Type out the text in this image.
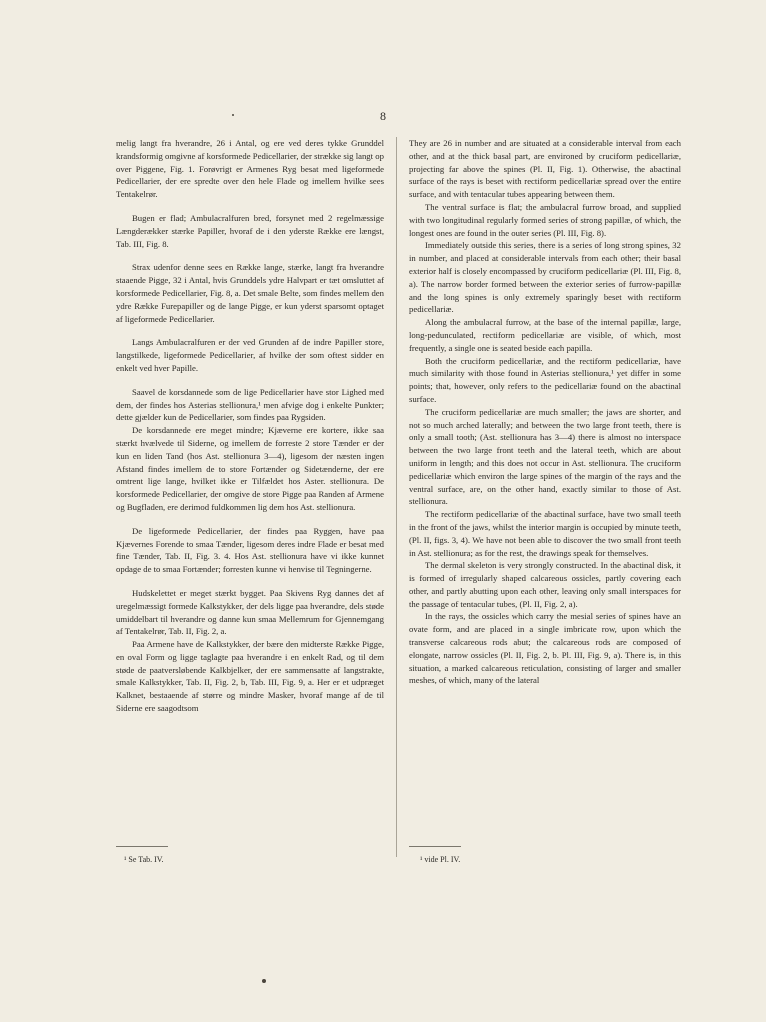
8

melig langt fra hverandre, 26 i Antal, og ere ved deres tykke Grunddel krandsformig omgivne af korsformede Pedicellarier, der strække sig langt op over Piggene, Fig. 1. Forøvrigt er Armenes Ryg besat med ligeformede Pedicellarier, der ere spredte over den hele Flade og imellem hvilke sees Tentakelrør.

Bugen er flad; Ambulacralfuren bred, forsynet med 2 regelmæssige Længderækker stærke Papiller, hvoraf de i den yderste Række ere længst, Tab. III, Fig. 8.

Strax udenfor denne sees en Række lange, stærke, langt fra hverandre staaende Pigge, 32 i Antal, hvis Grunddels ydre Halvpart er tæt omsluttet af korsformede Pedicellarier, Fig. 8, a. Det smale Belte, som findes mellem den ydre Række Furepapiller og de lange Pigge, er kun yderst sparsomt optaget af ligeformede Pedicellarier.

Langs Ambulacralfuren er der ved Grunden af de indre Papiller store, langstilkede, ligeformede Pedicellarier, af hvilke der som oftest sidder en enkelt ved hver Papille.

Saavel de korsdannede som de lige Pedicellarier have stor Lighed med dem, der findes hos Asterias stellionura,¹ men afvige dog i enkelte Punkter; dette gjælder kun de Pedicellarier, som findes paa Rygsiden.

De korsdannede ere meget mindre; Kjæverne ere kortere, ikke saa stærkt hvælvede til Siderne, og imellem de forreste 2 store Tænder er der kun en liden Tand (hos Ast. stellionura 3—4), ligesom der næsten ingen Afstand findes imellem de to store Fortænder og Sidetænderne, der ere omtrent lige lange, hvilket ikke er Tilfældet hos Aster. stellionura. De korsformede Pedicellarier, der omgive de store Pigge paa Randen af Armene og Bugfladen, ere derimod fuldkommen lig dem hos Ast. stellionura.

De ligeformede Pedicellarier, der findes paa Ryggen, have paa Kjævernes Forende to smaa Tænder, ligesom deres indre Flade er besat med fine Tænder, Tab. II, Fig. 3. 4. Hos Ast. stellionura have vi ikke kunnet opdage de to smaa Fortænder; forresten kunne vi henvise til Tegningerne.

Hudskelettet er meget stærkt bygget. Paa Skivens Ryg dannes det af uregelmæssigt formede Kalkstykker, der dels ligge paa hverandre, dels støde umiddelbart til hverandre og danne kun smaa Mellemrum for Gjennemgang af Tentakelrør, Tab. II, Fig. 2, a.

Paa Armene have de Kalkstykker, der bære den midterste Række Pigge, en oval Form og ligge taglagte paa hverandre i en enkelt Rad, og til dem støde de paatversløbende Kalkbjelker, der ere sammensatte af langstrakte, smale Kalkstykker, Tab. II, Fig. 2, b, Tab. III, Fig. 9, a. Her er et udpræget Kalknet, bestaaende af større og mindre Masker, hvoraf mange af de til Siderne ere saagodtsom

They are 26 in number and are situated at a considerable interval from each other, and at the thick basal part, are environed by cruciform pedicellariæ, projecting far above the spines (Pl. II, Fig. 1). Otherwise, the abactinal surface of the rays is beset with rectiform pedicellariæ spread over the entire surface, and with tentacular tubes appearing between them.

The ventral surface is flat; the ambulacral furrow broad, and supplied with two longitudinal regularly formed series of strong papillæ, of which, the longest ones are found in the outer series (Pl. III, Fig. 8).

Immediately outside this series, there is a series of long strong spines, 32 in number, and placed at considerable intervals from each other; their basal exterior half is closely encompassed by cruciform pedicellariæ (Pl. III, Fig. 8, a). The narrow border formed between the exterior series of furrow-papillæ and the long spines is only extremely sparingly beset with rectiform pedicellariæ.

Along the ambulacral furrow, at the base of the internal papillæ, large, long-pedunculated, rectiform pedicellariæ are visible, of which, most frequently, a single one is seated beside each papilla.

Both the cruciform pedicellariæ, and the rectiform pedicellariæ, have much similarity with those found in Asterias stellionura,¹ yet differ in some points; that, however, only refers to the pedicellariæ found on the abactinal surface.

The cruciform pedicellariæ are much smaller; the jaws are shorter, and not so much arched laterally; and between the two large front teeth, there is only a small tooth; (Ast. stellionura has 3—4) there is almost no interspace between the two large front teeth and the lateral teeth, which are about uniform in length; and this does not occur in Ast. stellionura. The cruciform pedicellariæ which environ the large spines of the margin of the rays and the ventral surface, are, on the other hand, exactly similar to those of Ast. stellionura.

The rectiform pedicellariæ of the abactinal surface, have two small teeth in the front of the jaws, whilst the interior margin is occupied by minute teeth, (Pl. II, figs. 3, 4). We have not been able to discover the two small front teeth in Ast. stellionura; as for the rest, the drawings speak for themselves.

The dermal skeleton is very strongly constructed. In the abactinal disk, it is formed of irregularly shaped calcareous ossicles, partly covering each other, and partly abutting upon each other, leaving only small interspaces for the passage of tentacular tubes, (Pl. II, Fig. 2, a).

In the rays, the ossicles which carry the mesial series of spines have an ovate form, and are placed in a single imbricate row, upon which the transverse calcareous rods abut; the calcareous rods are composed of elongate, narrow ossicles (Pl. II, Fig. 2, b. Pl. III, Fig. 9, a). There is, in this situation, a marked calcareous reticulation, consisting of larger and smaller meshes, of which, many of the lateral

¹ Se Tab. IV.	¹ vide Pl. IV.
